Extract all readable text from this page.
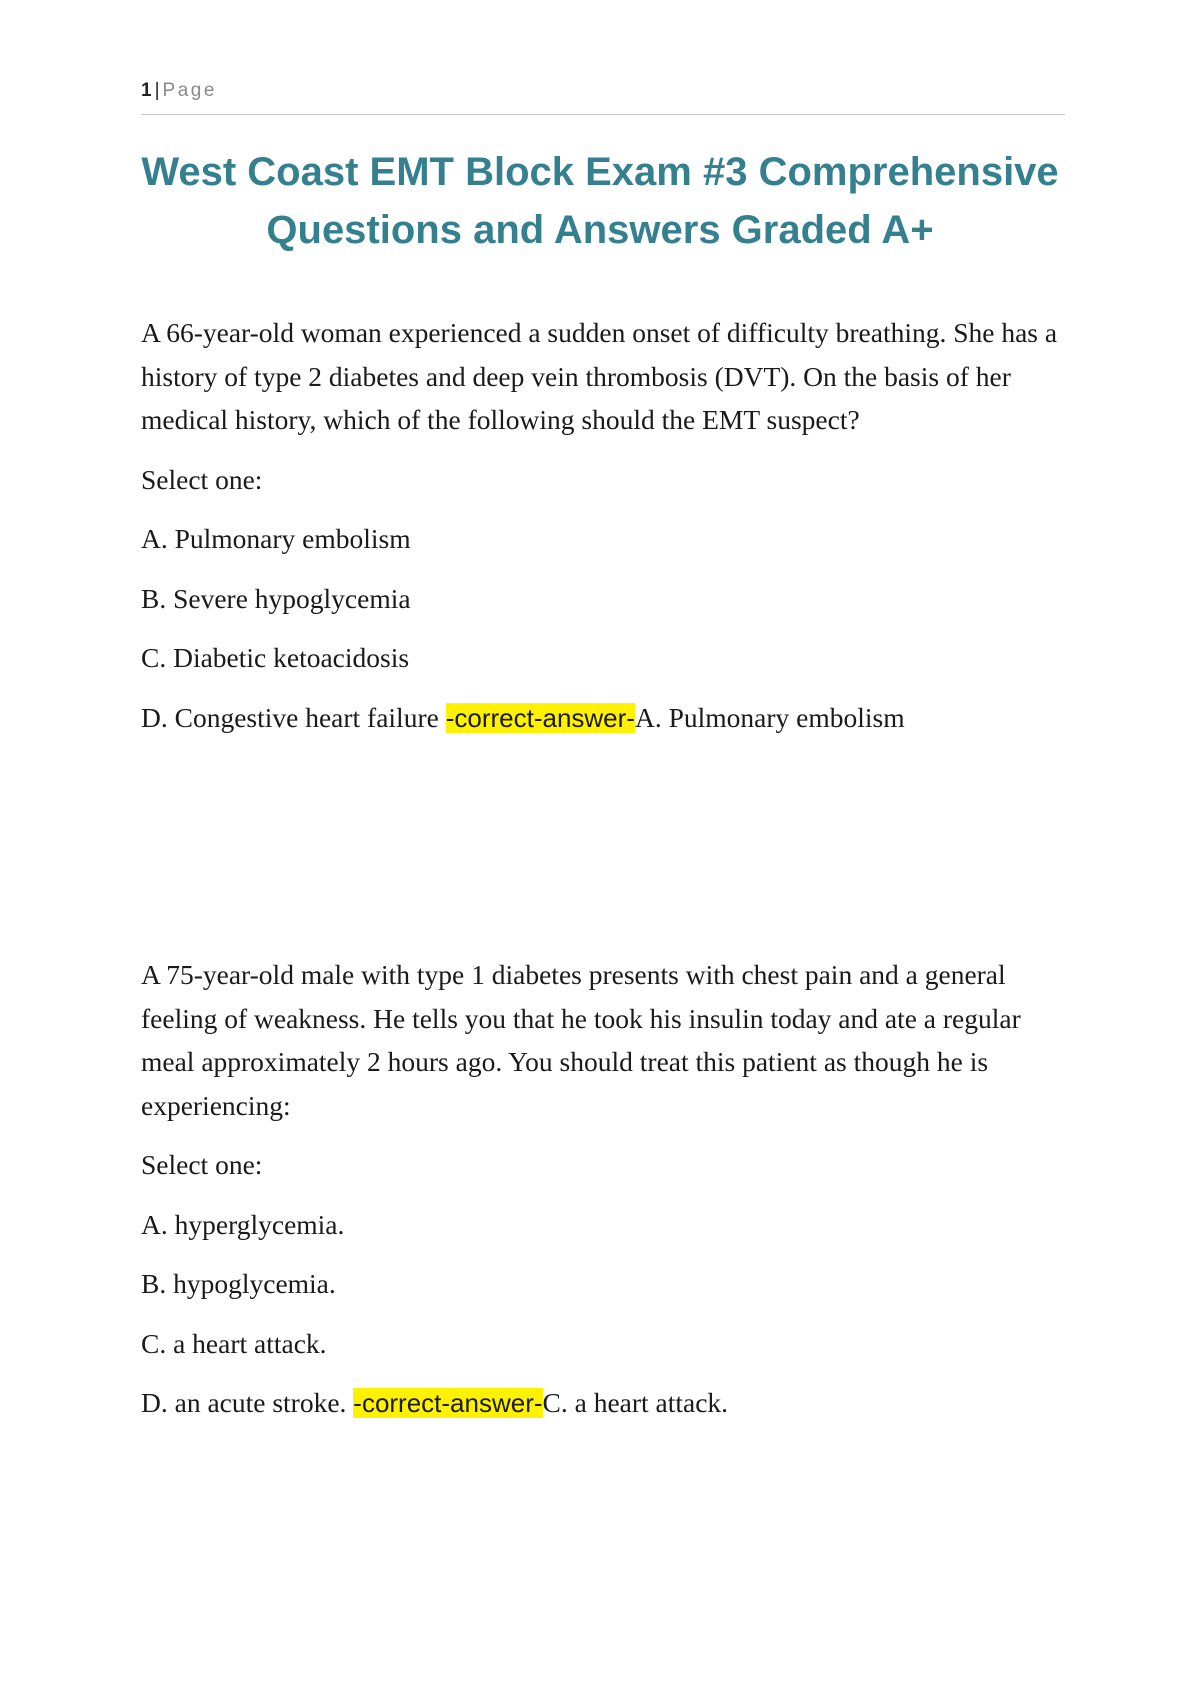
1 | Page
West Coast EMT Block Exam #3 Comprehensive
Questions and Answers Graded A+

A 66-year-old woman experienced a sudden onset of difficulty breathing. She has a history of type 2 diabetes and deep vein thrombosis (DVT). On the basis of her medical history, which of the following should the EMT suspect?

Select one:

A. Pulmonary embolism

B. Severe hypoglycemia

C. Diabetic ketoacidosis

D. Congestive heart failure -correct-answer-A. Pulmonary embolism

A 75-year-old male with type 1 diabetes presents with chest pain and a general feeling of weakness. He tells you that he took his insulin today and ate a regular meal approximately 2 hours ago. You should treat this patient as though he is experiencing:

Select one:

A. hyperglycemia.

B. hypoglycemia.

C. a heart attack.

D. an acute stroke. -correct-answer-C. a heart attack.
